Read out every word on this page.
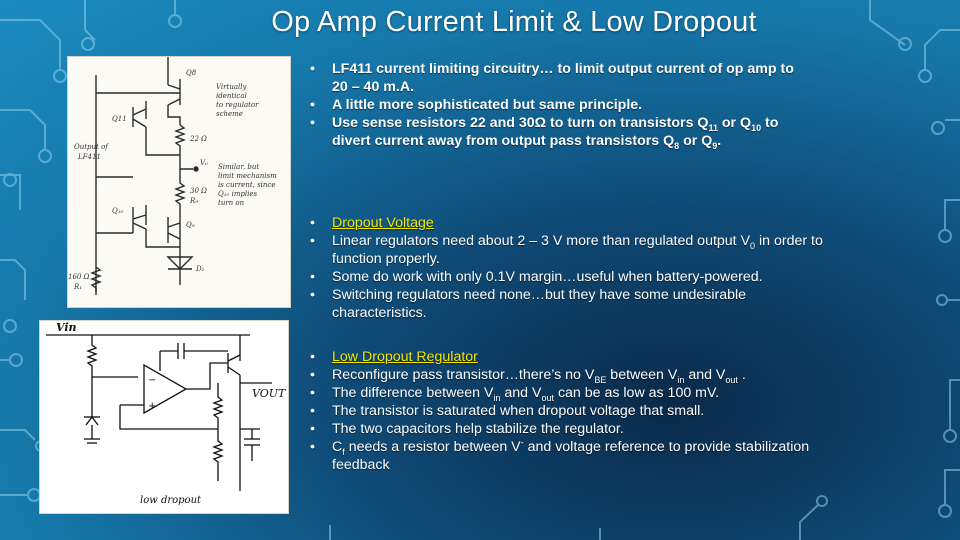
Op Amp Current Limit & Low Dropout
Q8
Q11
Output of
LF411
Virtually
identical
to regulator
scheme
22 Ω
V₀ Similar, but
limit mechanism
is current, since
Q₁₀ implies
turn on
30 Ω
R₉
Q₁₀
Q₉
D₂
160 Ω
R₁
Vin
VOUT
low dropout
−
+
• LF411 current limiting circuitry… to limit output current of op amp to
20 – 40 m.A.
• A little more sophisticated but same principle.
• Use sense resistors 22 and 30Ω to turn on transistors $Q_{11}$ or $Q_{10}$ to
divert current away from output pass transistors $Q_8$ or $Q_9$.
• Dropout Voltage
• Linear regulators need about 2 – 3 V more than regulated output $V_0$ in order to
function properly.
• Some do work with only 0.1V margin…useful when battery-powered.
• Switching regulators need none…but they have some undesirable
characteristics.
• Low Dropout Regulator
• Reconfigure pass transistor…there’s no $V_{BE}$ between $V_{in}$ and $V_{out}$ .
• The difference between $V_{in}$ and $V_{out}$ can be as low as 100 mV.
• The transistor is saturated when dropout voltage that small.
• The two capacitors help stabilize the regulator.
• $C_f$ needs a resistor between V- and voltage reference to provide stabilization
feedback
